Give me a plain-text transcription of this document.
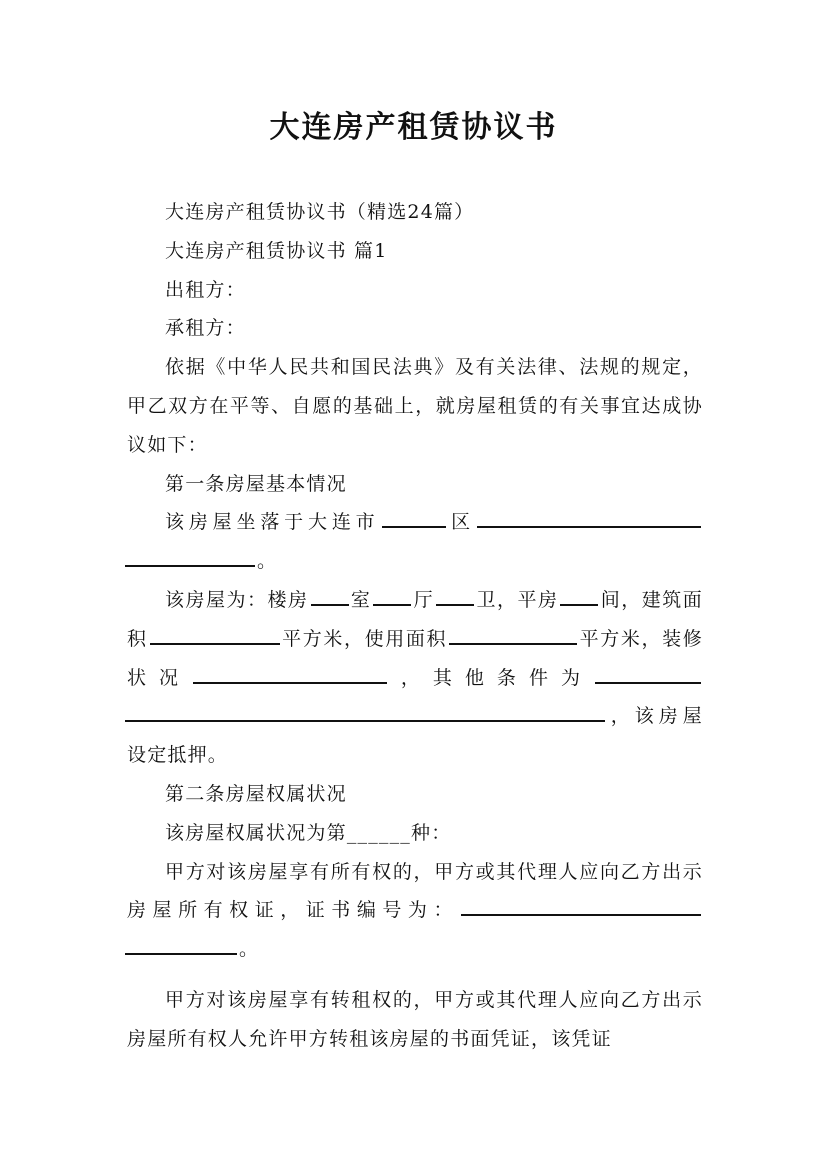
大连房产租赁协议书

大连房产租赁协议书（精选24篇）

大连房产租赁协议书 篇1

出租方：

承租方：

依据《中华人民共和国民法典》及有关法律、法规的规定，甲乙双方在平等、自愿的基础上，就房屋租赁的有关事宜达成协议如下：

第一条房屋基本情况

该房屋坐落于大连市	区。

该房屋为：楼房 室 厅 卫，平房 间，建筑面积	平方米，使用面积	平方米，装修状况	，其他条件为，该房屋设定抵押。

第二条房屋权属状况

该房屋权属状况为第______种：

甲方对该房屋享有所有权的，甲方或其代理人应向乙方出示房屋所有权证，证书编号为：。

甲方对该房屋享有转租权的，甲方或其代理人应向乙方出示房屋所有权人允许甲方转租该房屋的书面凭证，该凭证
